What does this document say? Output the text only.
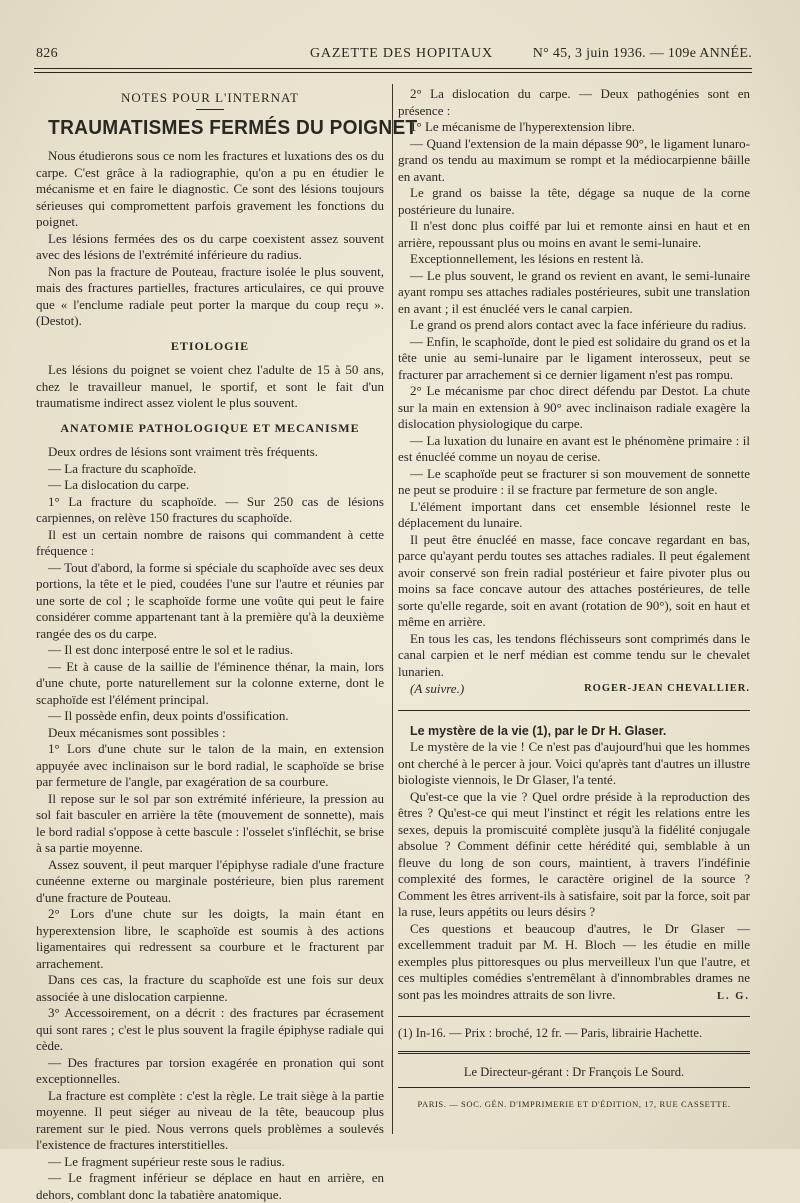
826	GAZETTE DES HOPITAUX	N° 45, 3 juin 1936. — 109e ANNÉE.
NOTES POUR L'INTERNAT
TRAUMATISMES FERMÉS DU POIGNET

Nous étudierons sous ce nom les fractures et luxations des os du carpe. C'est grâce à la radiographie, qu'on a pu en étudier le mécanisme et en faire le diagnostic. Ce sont des lésions toujours sérieuses qui compromettent parfois gravement les fonctions du poignet.

Les lésions fermées des os du carpe coexistent assez souvent avec des lésions de l'extrémité inférieure du radius.

Non pas la fracture de Pouteau, fracture isolée le plus souvent, mais des fractures partielles, fractures articulaires, ce qui prouve que « l'enclume radiale peut porter la marque du coup reçu ». (Destot).

ETIOLOGIE

Les lésions du poignet se voient chez l'adulte de 15 à 50 ans, chez le travailleur manuel, le sportif, et sont le fait d'un traumatisme indirect assez violent le plus souvent.

ANATOMIE PATHOLOGIQUE ET MECANISME

Deux ordres de lésions sont vraiment très fréquents.

— La fracture du scaphoïde.

— La dislocation du carpe.

1° La fracture du scaphoïde. — Sur 250 cas de lésions carpiennes, on relève 150 fractures du scaphoïde.

Il est un certain nombre de raisons qui commandent à cette fréquence :

— Tout d'abord, la forme si spéciale du scaphoïde avec ses deux portions, la tête et le pied, coudées l'une sur l'autre et réunies par une sorte de col ; le scaphoïde forme une voûte qui peut le faire considérer comme appartenant tant à la première qu'à la deuxième rangée des os du carpe.

— Il est donc interposé entre le sol et le radius.

— Et à cause de la saillie de l'éminence thénar, la main, lors d'une chute, porte naturellement sur la colonne externe, dont le scaphoïde est l'élément principal.

— Il possède enfin, deux points d'ossification.

Deux mécanismes sont possibles :

1° Lors d'une chute sur le talon de la main, en extension appuyée avec inclinaison sur le bord radial, le scaphoïde se brise par fermeture de l'angle, par exagération de sa courbure.

Il repose sur le sol par son extrémité inférieure, la pression au sol fait basculer en arrière la tête (mouvement de sonnette), mais le bord radial s'oppose à cette bascule : l'osselet s'infléchit, se brise à sa partie moyenne.

Assez souvent, il peut marquer l'épiphyse radiale d'une fracture cunéenne externe ou marginale postérieure, bien plus rarement d'une fracture de Pouteau.

2° Lors d'une chute sur les doigts, la main étant en hyperextension libre, le scaphoïde est soumis à des actions ligamentaires qui redressent sa courbure et le fracturent par arrachement.

Dans ces cas, la fracture du scaphoïde est une fois sur deux associée à une dislocation carpienne.

3° Accessoirement, on a décrit : des fractures par écrasement qui sont rares ; c'est le plus souvent la fragile épiphyse radiale qui cède.

— Des fractures par torsion exagérée en pronation qui sont exceptionnelles.

La fracture est complète : c'est la règle. Le trait siège à la partie moyenne. Il peut siéger au niveau de la tête, beaucoup plus rarement sur le pied. Nous verrons quels problèmes a soulevés l'existence de fractures interstitielles.

— Le fragment supérieur reste sous le radius.

— Le fragment inférieur se déplace en haut en arrière, en dehors, comblant donc la tabatière anatomique.

2° La dislocation du carpe. — Deux pathogénies sont en présence :

1° Le mécanisme de l'hyperextension libre.

— Quand l'extension de la main dépasse 90°, le ligament lunaro-grand os tendu au maximum se rompt et la médiocarpienne bâille en avant.

Le grand os baisse la tête, dégage sa nuque de la corne postérieure du lunaire.

Il n'est donc plus coiffé par lui et remonte ainsi en haut et en arrière, repoussant plus ou moins en avant le semi-lunaire.

Exceptionnellement, les lésions en restent là.

— Le plus souvent, le grand os revient en avant, le semi-lunaire ayant rompu ses attaches radiales postérieures, subit une translation en avant ; il est énucléé vers le canal carpien.

Le grand os prend alors contact avec la face inférieure du radius.

— Enfin, le scaphoïde, dont le pied est solidaire du grand os et la tête unie au semi-lunaire par le ligament interosseux, peut se fracturer par arrachement si ce dernier ligament n'est pas rompu.

2° Le mécanisme par choc direct défendu par Destot. La chute sur la main en extension à 90° avec inclinaison radiale exagère la dislocation physiologique du carpe.

— La luxation du lunaire en avant est le phénomène primaire : il est énucléé comme un noyau de cerise.

— Le scaphoïde peut se fracturer si son mouvement de sonnette ne peut se produire : il se fracture par fermeture de son angle.

L'élément important dans cet ensemble lésionnel reste le déplacement du lunaire.

Il peut être énucléé en masse, face concave regardant en bas, parce qu'ayant perdu toutes ses attaches radiales. Il peut également avoir conservé son frein radial postérieur et faire pivoter plus ou moins sa face concave autour des attaches postérieures, de telle sorte qu'elle regarde, soit en avant (rotation de 90°), soit en haut et même en arrière.

En tous les cas, les tendons fléchisseurs sont comprimés dans le canal carpien et le nerf médian est comme tendu sur le chevalet lunarien.

(A suivre.)	ROGER-JEAN CHEVALLIER.

Le mystère de la vie (1), par le Dr H. Glaser.

Le mystère de la vie ! Ce n'est pas d'aujourd'hui que les hommes ont cherché à le percer à jour. Voici qu'après tant d'autres un illustre biologiste viennois, le Dr Glaser, l'a tenté.

Qu'est-ce que la vie ? Quel ordre préside à la reproduction des êtres ? Qu'est-ce qui meut l'instinct et régit les relations entre les sexes, depuis la promiscuité complète jusqu'à la fidélité conjugale absolue ? Comment définir cette hérédité qui, semblable à un fleuve du long de son cours, maintient, à travers l'indéfinie complexité des formes, le caractère originel de la source ? Comment les êtres arrivent-ils à satisfaire, soit par la force, soit par la ruse, leurs appétits ou leurs désirs ?

Ces questions et beaucoup d'autres, le Dr Glaser — excellemment traduit par M. H. Bloch — les étudie en mille exemples plus pittoresques ou plus merveilleux l'un que l'autre, et ces multiples comédies s'entremêlant à d'innombrables drames ne sont pas les moindres attraits de son livre.	L. G.

(1) In-16. — Prix : broché, 12 fr. — Paris, librairie Hachette.

Le Directeur-gérant : Dr François Le Sourd.
PARIS. — SOC. GÉN. D'IMPRIMERIE ET D'ÉDITION, 17, RUE CASSETTE.
